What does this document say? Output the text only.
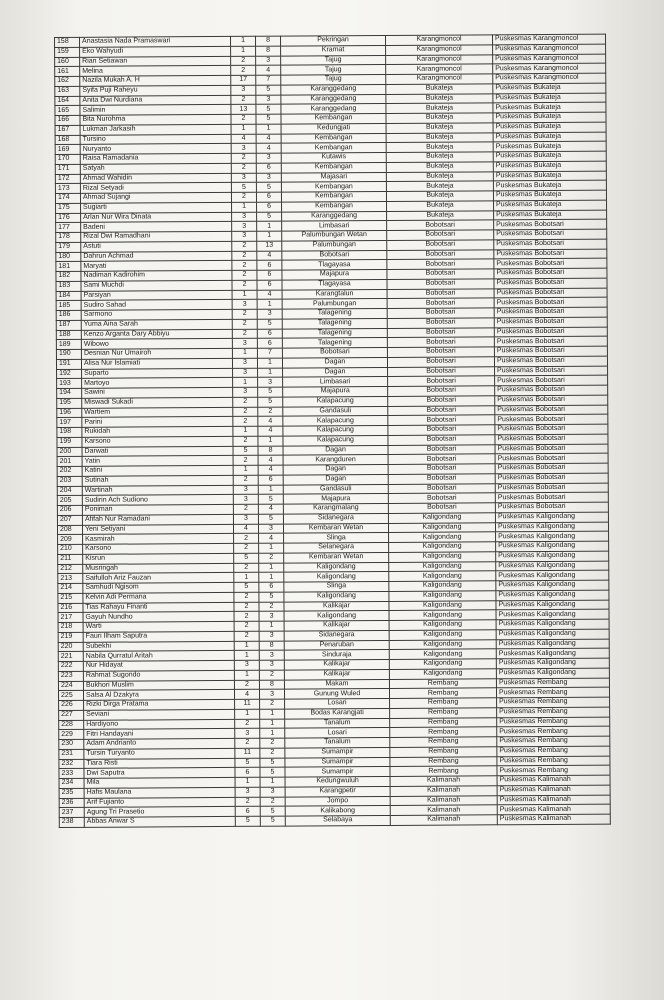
158	Anastasia Nada Pramaswari	1	8	Pekringan	Karangmoncol	Puskesmas Karangmoncol
159	Eko Wahyudi	1	8	Kramat	Karangmoncol	Puskesmas Karangmoncol
160	Rian Setiawan	2	3	Tajug	Karangmoncol	Puskesmas Karangmoncol
161	Melina	2	4	Tajug	Karangmoncol	Puskesmas Karangmoncol
162	Nazila Mukah A. H	17	7	Tajug	Karangmoncol	Puskesmas Karangmoncol
163	Syifa Puji Raheyu	3	5	Karanggedang	Bukateja	Puskesmas Bukateja
164	Anita Dwi Nurdiana	2	3	Karanggedang	Bukateja	Puskesmas Bukateja
165	Salimin	13	5	Karanggedang	Bukateja	Puskesmas Bukateja
166	Bita Nurohma	2	5	Kembangan	Bukateja	Puskesmas Bukateja
167	Lukman Jarkasih	1	1	Kedungjati	Bukateja	Puskesmas Bukateja
168	Tursino	4	4	Kembangan	Bukateja	Puskesmas Bukateja
169	Nuryanto	3	4	Kembangan	Bukateja	Puskesmas Bukateja
170	Raisa Ramadania	2	3	Kutawis	Bukateja	Puskesmas Bukateja
171	Satyah	2	6	Kembangan	Bukateja	Puskesmas Bukateja
172	Ahmad Wahidin	3	3	Majasari	Bukateja	Puskesmas Bukateja
173	Rizal Setyadi	5	5	Kembangan	Bukateja	Puskesmas Bukateja
174	Ahmad Sujangi	2	6	Kembangan	Bukateja	Puskesmas Bukateja
175	Sugiarti	1	6	Kembangan	Bukateja	Puskesmas Bukateja
176	Arlan Nur Wira Dinata	3	5	Karanggedang	Bukateja	Puskesmas Bukateja
177	Badeni	3	1	Limbasari	Bobotsari	Puskesmas Bobotsari
178	Rizal Dwi Ramadhani	3	1	Palumbungan Wetan	Bobotsari	Puskesmas Bobotsari
179	Astuti	2	13	Palumbungan	Bobotsari	Puskesmas Bobotsari
180	Dahrun Achmad	2	4	Bobotsari	Bobotsari	Puskesmas Bobotsari
181	Maryati	2	6	Tlagayasa	Bobotsari	Puskesmas Bobotsari
182	Nadiman Kadirohim	2	6	Majapura	Bobotsari	Puskesmas Bobotsari
183	Sami Muchdi	2	6	Tlagayasa	Bobotsari	Puskesmas Bobotsari
184	Parsiyan	1	4	Karangtalun	Bobotsari	Puskesmas Bobotsari
185	Sudiro Sahad	3	1	Palumbungan	Bobotsari	Puskesmas Bobotsari
186	Sarmono	2	3	Talagening	Bobotsari	Puskesmas Bobotsari
187	Yuma Aina Sarah	2	5	Talagening	Bobotsari	Puskesmas Bobotsari
188	Kenzo Arganta Dary Abbiyu	2	6	Talagening	Bobotsari	Puskesmas Bobotsari
189	Wibowo	3	6	Talagening	Bobotsari	Puskesmas Bobotsari
190	Desnian Nur Umairoh	1	7	Bobotsari	Bobotsari	Puskesmas Bobotsari
191	Alisa Nur Islamiati	3	1	Dagan	Bobotsari	Puskesmas Bobotsari
192	Suparto	3	1	Dagan	Bobotsari	Puskesmas Bobotsari
193	Martoyo	1	3	Limbasari	Bobotsari	Puskesmas Bobotsari
194	Sawini	3	5	Majapura	Bobotsari	Puskesmas Bobotsari
195	Miswadi Sukadi	2	5	Kalapacung	Bobotsari	Puskesmas Bobotsari
196	Wartiem	2	2	Gandasuli	Bobotsari	Puskesmas Bobotsari
197	Parini	2	4	Kalapacung	Bobotsari	Puskesmas Bobotsari
198	Rukidah	1	4	Kalapacung	Bobotsari	Puskesmas Bobotsari
199	Karsono	2	1	Kalapacung	Bobotsari	Puskesmas Bobotsari
200	Darwati	5	8	Dagan	Bobotsari	Puskesmas Bobotsari
201	Yatin	2	4	Karangduren	Bobotsari	Puskesmas Bobotsari
202	Katini	1	4	Dagan	Bobotsari	Puskesmas Bobotsari
203	Sutinah	2	6	Dagan	Bobotsari	Puskesmas Bobotsari
204	Wartinah	3	1	Gandasuli	Bobotsari	Puskesmas Bobotsari
205	Sudirin Ach Sudiono	3	5	Majapura	Bobotsari	Puskesmas Bobotsari
206	Poniman	2	4	Karangmalang	Bobotsari	Puskesmas Bobotsari
207	Afifah Nur Ramadani	3	5	Sidanegara	Kaligondang	Puskesmas Kaligondang
208	Yeni Setiyani	4	3	Kembaran Wetan	Kaligondang	Puskesmas Kaligondang
209	Kasmirah	2	4	Slinga	Kaligondang	Puskesmas Kaligondang
210	Karsono	2	1	Selanegara	Kaligondang	Puskesmas Kaligondang
211	Kisrun	5	2	Kembaran Wetan	Kaligondang	Puskesmas Kaligondang
212	Musringah	2	1	Kaligondang	Kaligondang	Puskesmas Kaligondang
213	Saifulloh Ariz Fauzan	1	1	Kaligondang	Kaligondang	Puskesmas Kaligondang
214	Samhudi Ngisom	5	6	Slinga	Kaligondang	Puskesmas Kaligondang
215	Kelvin Adi Permana	2	5	Kaligondang	Kaligondang	Puskesmas Kaligondang
216	Tias Rahayu Finanti	2	2	Kalikajar	Kaligondang	Puskesmas Kaligondang
217	Gayuh Nundho	2	3	Kaligondang	Kaligondang	Puskesmas Kaligondang
218	Warti	2	1	Kalikajar	Kaligondang	Puskesmas Kaligondang
219	Fauri Ilham Saputra	2	3	Sidanegara	Kaligondang	Puskesmas Kaligondang
220	Subekhi	1	8	Penaruban	Kaligondang	Puskesmas Kaligondang
221	Nabila Qurratul Aritah	1	3	Sinduraja	Kaligondang	Puskesmas Kaligondang
222	Nur Hidayat	3	3	Kalikajar	Kaligondang	Puskesmas Kaligondang
223	Rahmat Sugondo	1	2	Kalikajar	Kaligondang	Puskesmas Kaligondang
224	Bukhori Muslim	2	8	Makam	Rembang	Puskesmas Rembang
225	Salsa Al Dzakyra	4	3	Gunung Wuled	Rembang	Puskesmas Rembang
226	Rizki Dirga Pratama	11	2	Losari	Rembang	Puskesmas Rembang
227	Seviani	1	1	Bodas Karangjati	Rembang	Puskesmas Rembang
228	Hardiyono	2	1	Tanalum	Rembang	Puskesmas Rembang
229	Fitri Handayani	3	1	Losari	Rembang	Puskesmas Rembang
230	Adam Andrianto	2	2	Tanalum	Rembang	Puskesmas Rembang
231	Tursin Turyanto	11	2	Sumampir	Rembang	Puskesmas Rembang
232	Tiara Risti	5	5	Sumampir	Rembang	Puskesmas Rembang
233	Dwi Saputra	6	5	Sumampir	Rembang	Puskesmas Rembang
234	Mila	1	1	Kedungwuluh	Kalimanah	Puskesmas Kalimanah
235	Hafis Maulana	3	3	Karangpetir	Kalimanah	Puskesmas Kalimanah
236	Arif Fujianto	2	2	Jompo	Kalimanah	Puskesmas Kalimanah
237	Agung Tri Prasetio	6	5	Kalikabong	Kalimanah	Puskesmas Kalimanah
238	Abbas Anwar S	5	5	Selabaya	Kalimanah	Puskesmas Kalimanah
